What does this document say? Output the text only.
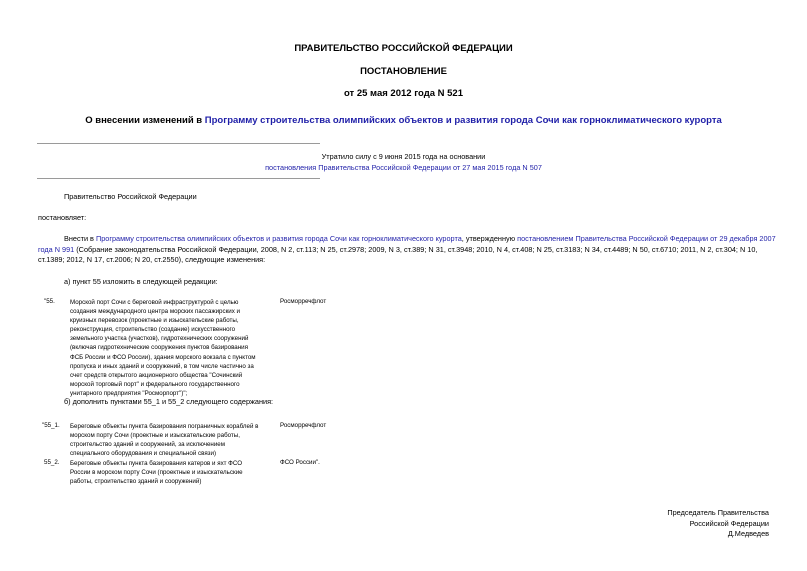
ПРАВИТЕЛЬСТВО РОССИЙСКОЙ ФЕДЕРАЦИИ
ПОСТАНОВЛЕНИЕ
от 25 мая 2012 года N 521
О внесении изменений в Программу строительства олимпийских объектов и развития города Сочи как горноклиматического курорта
Утратило силу с 9 июня 2015 года на основании
постановления Правительства Российской Федерации от 27 мая 2015 года N 507
Правительство Российской Федерации
постановляет:
Внести в Программу строительства олимпийских объектов и развития города Сочи как горноклиматического курорта, утвержденную постановлением Правительства Российской Федерации от 29 декабря 2007
года N 991 (Собрание законодательства Российской Федерации, 2008, N 2, ст.113; N 25, ст.2978; 2009, N 3, ст.389; N 31, ст.3948; 2010, N 4, ст.408; N 25, ст.3183; N 34, ст.4489; N 50, ст.6710; 2011, N 2, ст.304; N 10,
ст.1389; 2012, N 17, ст.2006; N 20, ст.2550), следующие изменения:
а) пункт 55 изложить в следующей редакции:
"55. Морской порт Сочи с береговой инфраструктурой с целью
создания международного центра морских пассажирских и
круизных перевозок (проектные и изыскательские работы,
реконструкция, строительство (создание) искусственного
земельного участка (участков), гидротехнических сооружений
(включая гидротехнические сооружения пунктов базирования
ФСБ России и ФСО России), здания морского вокзала с пунктом
пропуска и иных зданий и сооружений, в том числе частично за
счет средств открытого акционерного общества "Сочинский
морской торговый порт" и федерального государственного
унитарного предприятия "Росморпорт")";
Росморречфлот
б) дополнить пунктами 55_1 и 55_2 следующего содержания:
"55_1. Береговые объекты пункта базирования пограничных кораблей в
морском порту Сочи (проектные и изыскательские работы,
строительство зданий и сооружений, за исключением
специального оборудования и специальной связи)
Росморречфлот
55_2. Береговые объекты пункта базирования катеров и яхт ФСО
России в морском порту Сочи (проектные и изыскательские
работы, строительство зданий и сооружений)
ФСО России".
Председатель Правительства
Российской Федерации
Д.Медведев
